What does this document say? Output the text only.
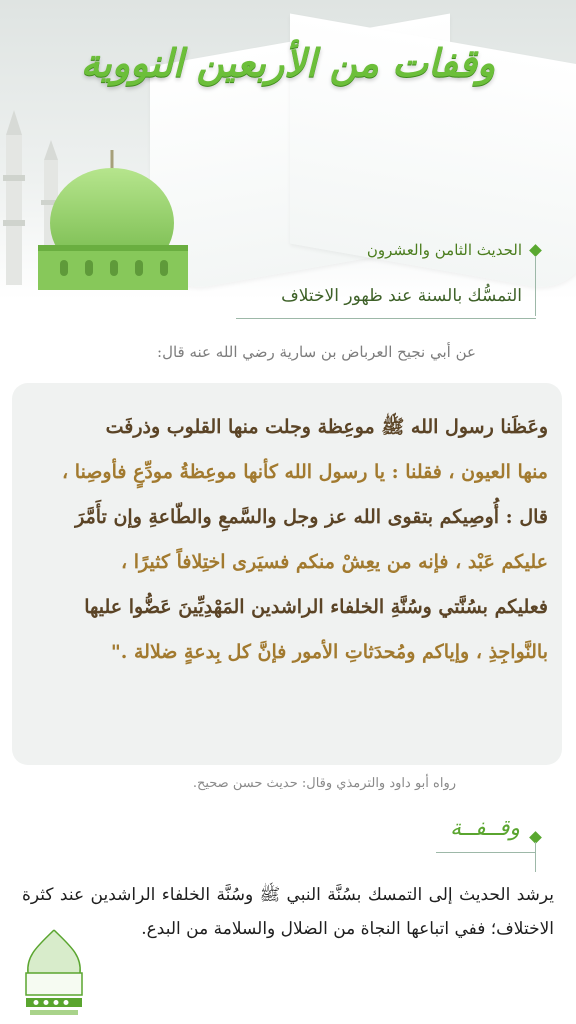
وقفات من الأربعين النووية
الحديث الثامن والعشرون
التمسُّك بالسنة عند ظهور الاختلاف
عن أبي نجيح العرباض بن سارية رضي الله عنه قال:
وعَظَنا رسول الله ﷺ موعِظة وجلت منها القلوب وذرفَت
منها العيون ، فقلنا : يا رسول الله كأنها موعِظةُ مودِّعٍ فأوصِنا ،
قال : أُوصِيكم بتقوى الله عز وجل والسَّمعِ والطّاعةِ وإن تأَمَّرَ
عليكم عَبْد ، فإنه من يعِشْ منكم فسيَرى اختِلافاً كثيرًا ،
فعليكم بسُنَّتي وسُنَّةِ الخلفاء الراشدين المَهْدِيِّينَ عَضُّوا عليها
بالنَّواجِذِ ، وإياكم ومُحدَثاتِ الأمور فإنَّ كل بِدعةٍ ضلالة ."
رواه أبو داود والترمذي وقال: حديث حسن صحيح.
وقــفــة
يرشد الحديث إلى التمسك بسُنَّة النبي ﷺ وسُنَّة الخلفاء الراشدين عند كثرة الاختلاف؛ ففي اتباعها النجاة من الضلال والسلامة من البدع.
